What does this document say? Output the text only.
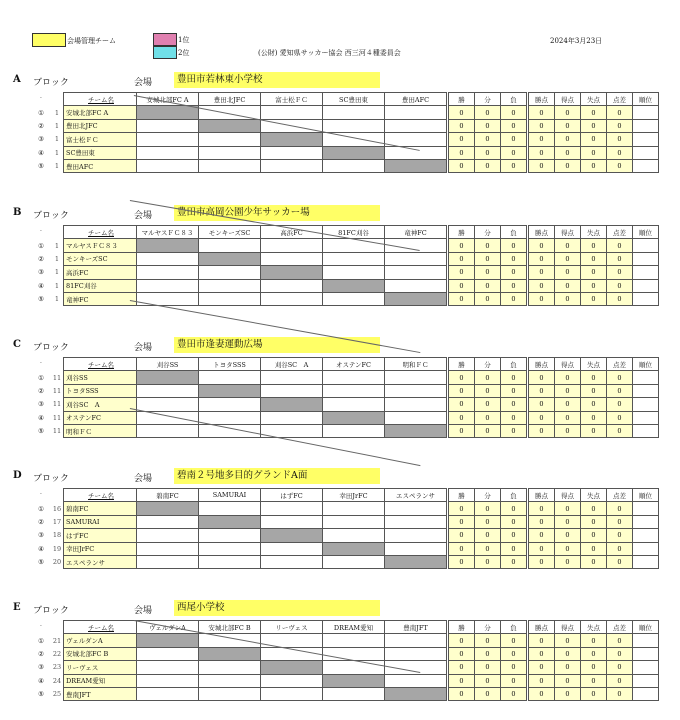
会場管理チーム	1位
2位	(公財) 愛知県サッカー協会 西三河４種委員会
2024年3月23日
A ブロック	会場	豊田市若林東小学校
.
			チーム名	安城北部FC A	豊田北JFC	富士松ＦＣ	SC豊田東	豊田AFC		勝	分	負		勝点	得点	失点	点差	順位
①	1	安城北部FC A							0	0	0		0	0	0	0	
②	1	豊田北JFC							0	0	0		0	0	0	0	
③	1	富士松ＦＣ							0	0	0		0	0	0	0	
④	1	SC豊田東							0	0	0		0	0	0	0	
⑤	1	豊田AFC							0	0	0		0	0	0	0	
B ブロック	会場	豊田市高岡公園少年サッカー場
.
			チーム名	マルヤスＦＣ８３	モンキーズSC	高浜FC	81FC刈谷	竜神FC		勝	分	負		勝点	得点	失点	点差	順位
①	1	マルヤスＦＣ８３							0	0	0		0	0	0	0	
②	1	モンキーズSC							0	0	0		0	0	0	0	
③	1	高浜FC							0	0	0		0	0	0	0	
④	1	81FC刈谷							0	0	0		0	0	0	0	
⑤	1	竜神FC							0	0	0		0	0	0	0	
C ブロック	会場	豊田市逢妻運動広場
.
			チーム名	刈谷SS	トヨタSSS	刈谷SC　A	オステンFC	明和ＦＣ		勝	分	負		勝点	得点	失点	点差	順位
①	11	刈谷SS							0	0	0		0	0	0	0	
②	11	トヨタSSS							0	0	0		0	0	0	0	
③	11	刈谷SC　A							0	0	0		0	0	0	0	
④	11	オステンFC							0	0	0		0	0	0	0	
⑤	11	明和ＦＣ							0	0	0		0	0	0	0	
D ブロック	会場	碧南２号地多目的グランドA面
.
			チーム名	碧南FC	SAMURAI	はずFC	幸田JrFC	エスペランサ		勝	分	負		勝点	得点	失点	点差	順位
①	16	碧南FC							0	0	0		0	0	0	0	
②	17	SAMURAI							0	0	0		0	0	0	0	
③	18	はずFC							0	0	0		0	0	0	0	
④	19	幸田JrFC							0	0	0		0	0	0	0	
⑤	20	エスペランサ							0	0	0		0	0	0	0	
E ブロック	会場	西尾小学校
.
			チーム名	ヴェルダンA	安城北部FC B	リーヴェス	DREAM愛知	豊南JFT		勝	分	負		勝点	得点	失点	点差	順位
①	21	ヴェルダンA							0	0	0		0	0	0	0	
②	22	安城北部FC B							0	0	0		0	0	0	0	
③	23	リーヴェス							0	0	0		0	0	0	0	
④	24	DREAM愛知							0	0	0		0	0	0	0	
⑤	25	豊南JFT							0	0	0		0	0	0	0	
